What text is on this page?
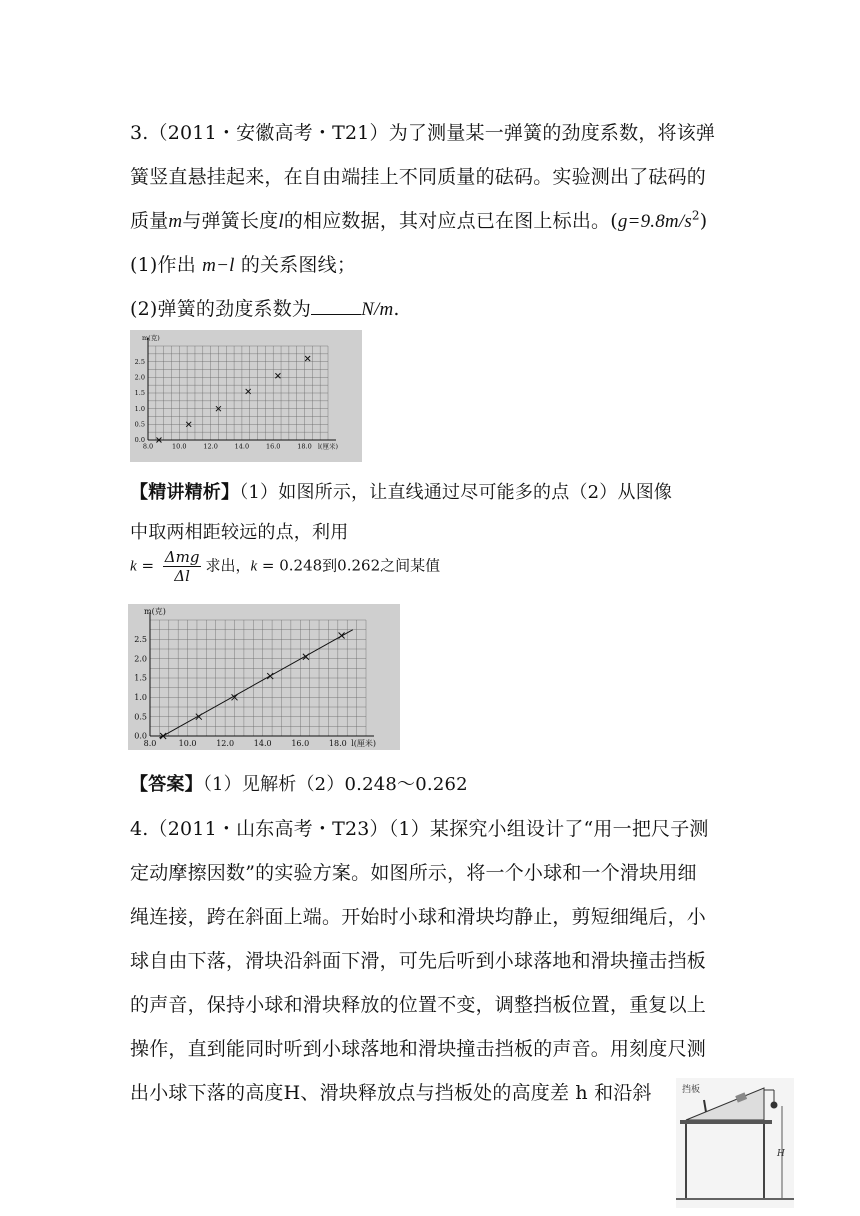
3.（2011・安徽高考・T21）为了测量某一弹簧的劲度系数，将该弹
簧竖直悬挂起来，在自由端挂上不同质量的砝码。实验测出了砝码的
质量m与弹簧长度l的相应数据，其对应点已在图上标出。$(g=9.8m/s^2)$
(1)作出 m−l 的关系图线；
(2)弹簧的劲度系数为	N/m.
8.0	10.0	12.0	14.0	16.0	18.0
0.0
0.5
1.0
1.5
2.0
2.5
l(厘米)
m(克)
【精讲精析】（1）如图所示，让直线通过尽可能多的点（2）从图像
中取两相距较远的点，利用
$k = \frac{\text{Δmg}}{\Delta l}$ 求出，k = 0.248到0.262之间某值
8.0	10.0 12.0 14.0 16.0 18.0
0.0
0.5
1.0
1.5
2.0
2.5
l(厘米)
m(克)
【答案】（1）见解析（2）0.248～0.262
4.（2011・山东高考・T23）（1）某探究小组设计了“用一把尺子测
定动摩擦因数”的实验方案。如图所示，将一个小球和一个滑块用细
绳连接，跨在斜面上端。开始时小球和滑块均静止，剪短细绳后，小
球自由下落，滑块沿斜面下滑，可先后听到小球落地和滑块撞击挡板
的声音，保持小球和滑块释放的位置不变，调整挡板位置，重复以上
操作，直到能同时听到小球落地和滑块撞击挡板的声音。用刻度尺测
出小球下落的高度H、滑块释放点与挡板处的高度差 h 和沿斜	挡板
H
